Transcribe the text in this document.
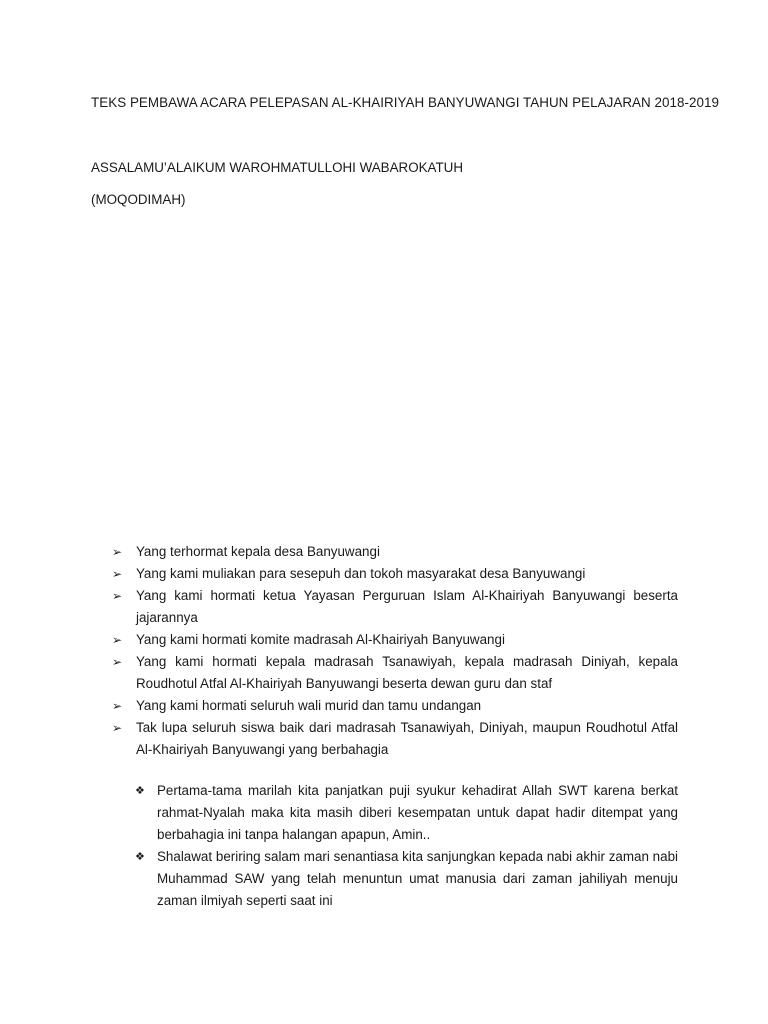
TEKS PEMBAWA ACARA PELEPASAN AL-KHAIRIYAH BANYUWANGI TAHUN PELAJARAN 2018-2019
ASSALAMU’ALAIKUM WAROHMATULLOHI WABAROKATUH
(MOQODIMAH)
➢ Yang terhormat kepala desa Banyuwangi
➢ Yang kami muliakan para sesepuh dan tokoh masyarakat desa Banyuwangi
➢ Yang kami hormati ketua Yayasan Perguruan Islam Al-Khairiyah Banyuwangi beserta jajarannya
➢ Yang kami hormati komite madrasah Al-Khairiyah Banyuwangi
➢ Yang kami hormati kepala madrasah Tsanawiyah, kepala madrasah Diniyah, kepala Roudhotul Atfal Al-Khairiyah Banyuwangi beserta dewan guru dan staf
➢ Yang kami hormati seluruh wali murid dan tamu undangan
➢ Tak lupa seluruh siswa baik dari madrasah Tsanawiyah, Diniyah, maupun Roudhotul Atfal Al-Khairiyah Banyuwangi yang berbahagia
❖ Pertama-tama marilah kita panjatkan puji syukur kehadirat Allah SWT karena berkat rahmat-Nyalah maka kita masih diberi kesempatan untuk dapat hadir ditempat yang berbahagia ini tanpa halangan apapun, Amin..
❖ Shalawat beriring salam mari senantiasa kita sanjungkan kepada nabi akhir zaman nabi Muhammad SAW yang telah menuntun umat manusia dari zaman jahiliyah menuju zaman ilmiyah seperti saat ini
